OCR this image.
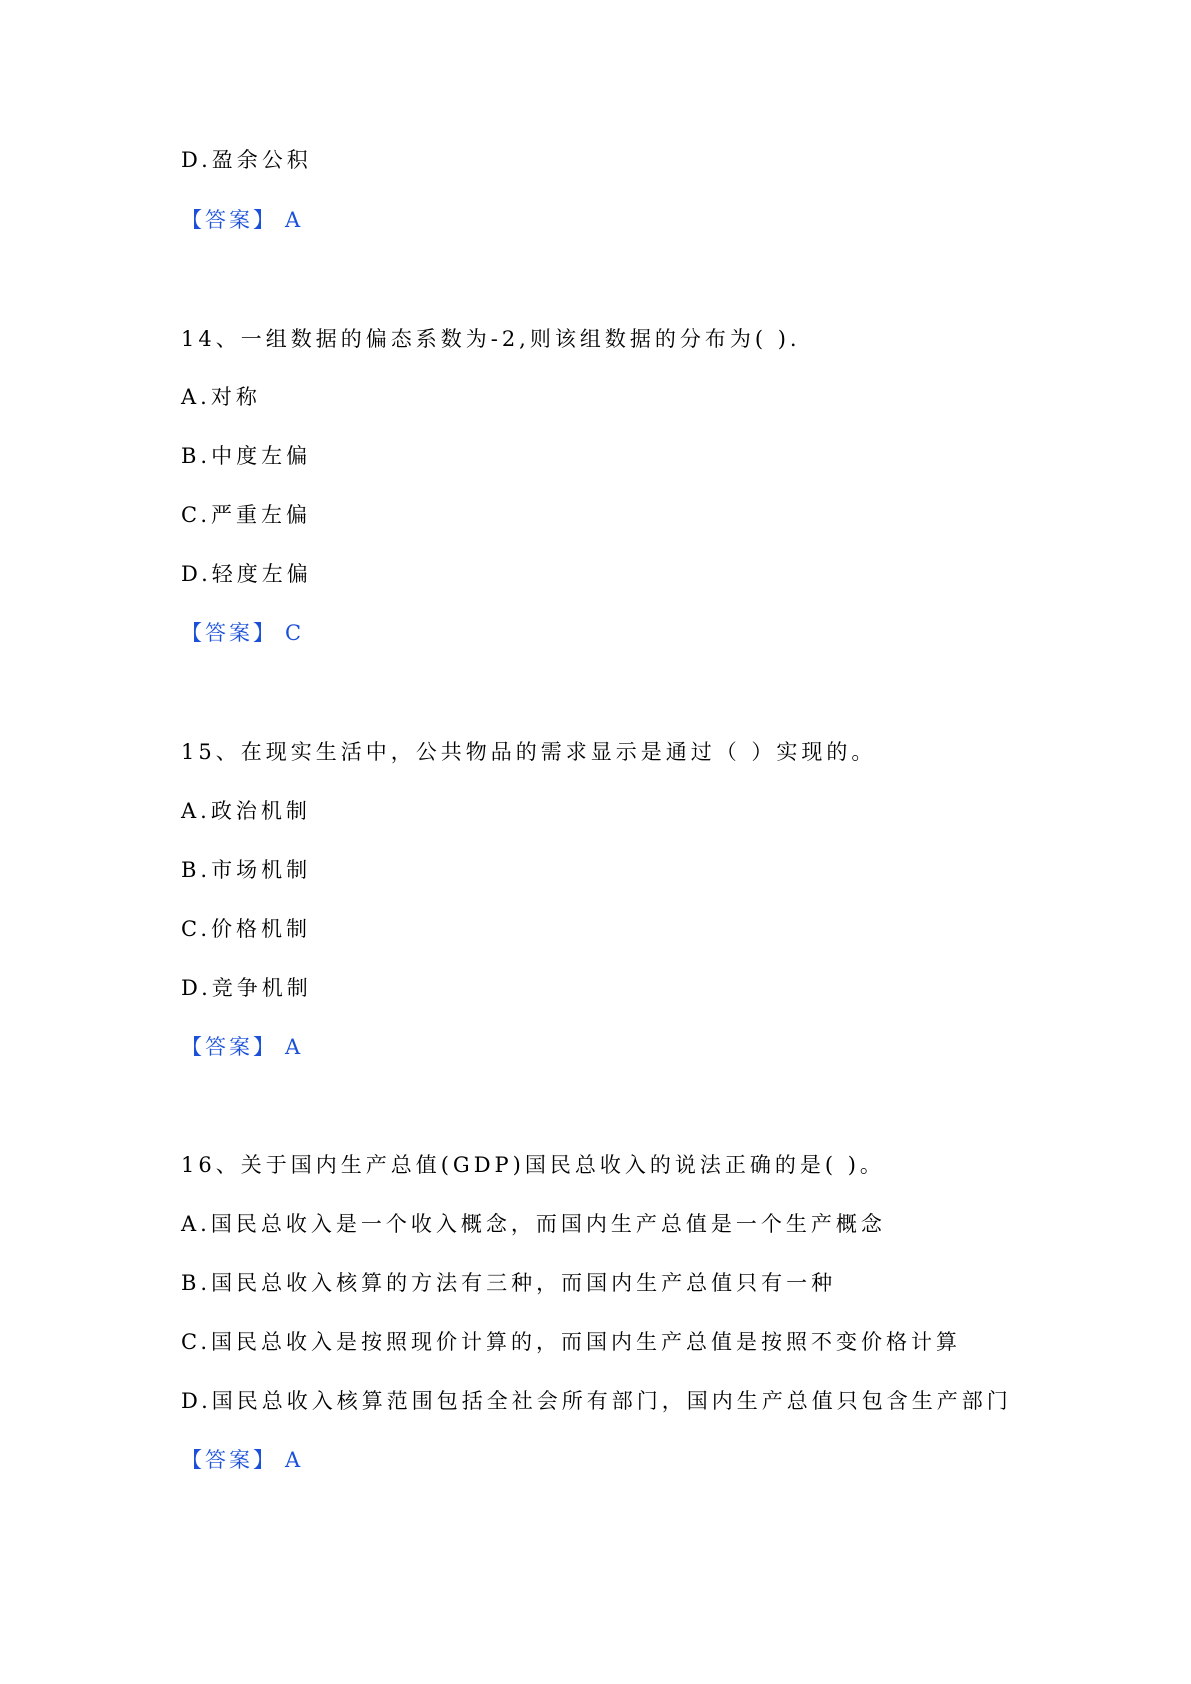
D.盈余公积
【答案】 A
14、一组数据的偏态系数为-2,则该组数据的分布为( ).
A.对称
B.中度左偏
C.严重左偏
D.轻度左偏
【答案】 C
15、在现实生活中，公共物品的需求显示是通过（ ）实现的。
A.政治机制
B.市场机制
C.价格机制
D.竞争机制
【答案】 A
16、关于国内生产总值(GDP)国民总收入的说法正确的是( )。
A.国民总收入是一个收入概念，而国内生产总值是一个生产概念
B.国民总收入核算的方法有三种，而国内生产总值只有一种
C.国民总收入是按照现价计算的，而国内生产总值是按照不变价格计算
D.国民总收入核算范围包括全社会所有部门，国内生产总值只包含生产部门
【答案】 A
